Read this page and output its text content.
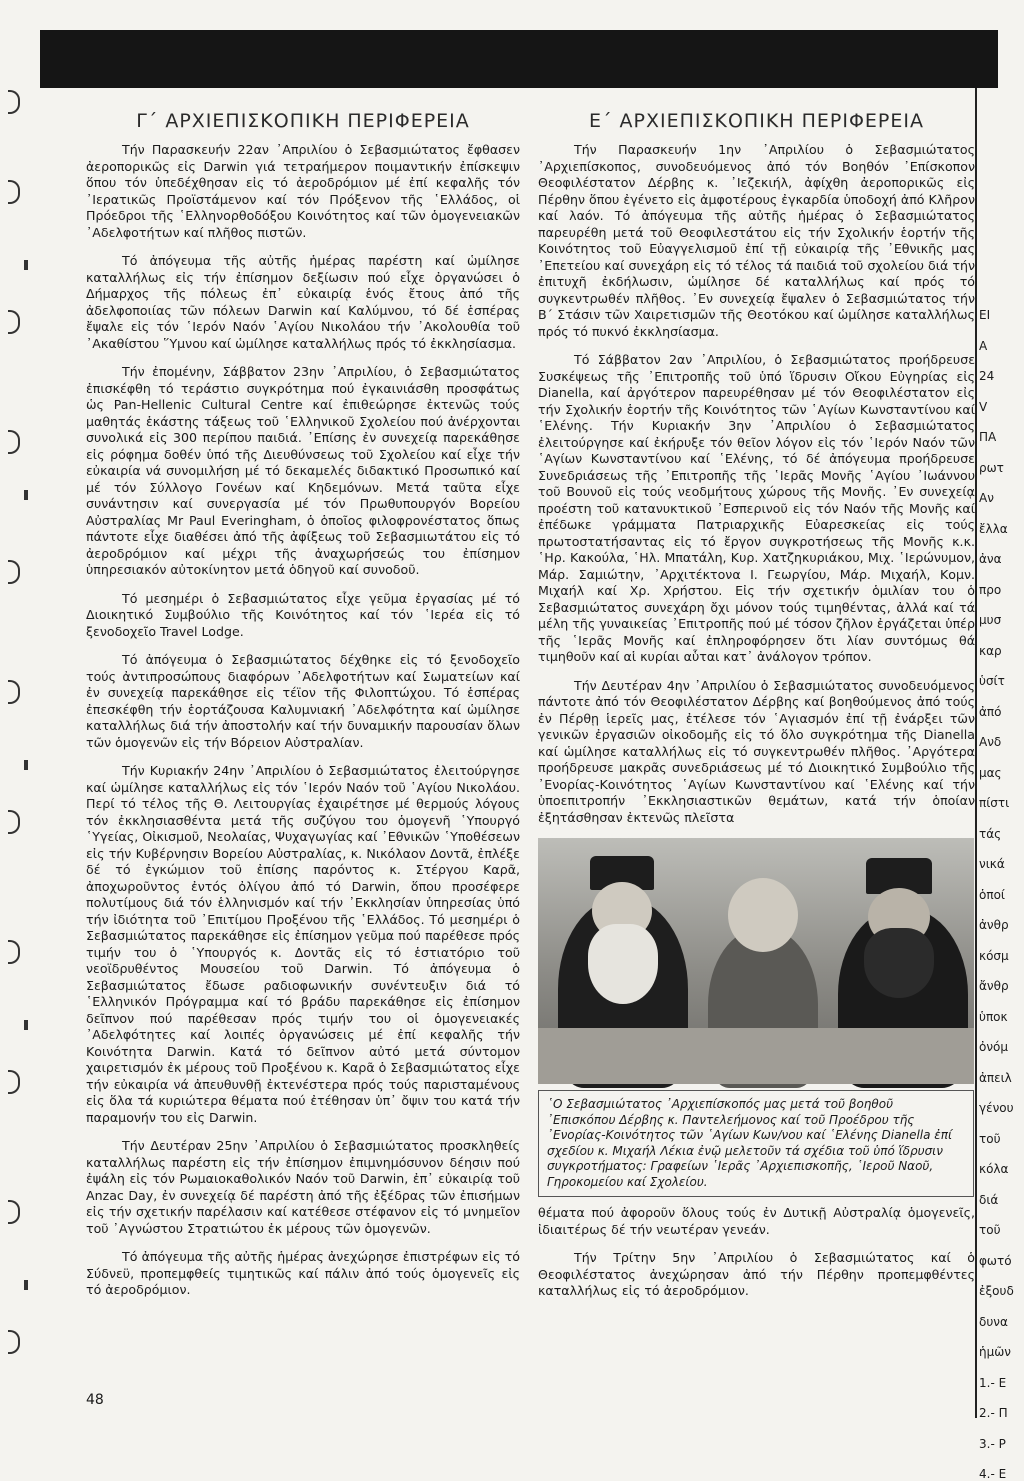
Γ΄ ΑΡΧΙΕΠΙΣΚΟΠΙΚΗ ΠΕΡΙΦΕΡΕΙΑ

Τήν Παρασκευήν 22αν ᾽Απριλίου ὁ Σεβασμιώτατος ἔφθασεν ἀεροπορικῶς εἰς Darwin γιά τετραήμερον ποιμαντικήν ἐπίσκεψιν ὅπου τόν ὑπεδέχθησαν εἰς τό ἀεροδρόμιον μέ ἐπί κεφαλῆς τόν ᾽Ιερατικῶς Προϊστάμενον καί τόν Πρόξενον τῆς ῾Ελλάδος, οἱ Πρόεδροι τῆς ῾Ελληνορθοδόξου Κοινότητος καί τῶν ὁμογενειακῶν ᾽Αδελφοτήτων καί πλῆθος πιστῶν.

Τό ἀπόγευμα τῆς αὐτῆς ἡμέρας παρέστη καί ὡμίλησε καταλλήλως εἰς τήν ἐπίσημον δεξίωσιν πού εἶχε ὀργανώσει ὁ Δήμαρχος τῆς πόλεως ἐπ᾽ εὐκαιρίᾳ ἑνός ἔτους ἀπό τῆς ἀδελφοποιίας τῶν πόλεων Darwin καί Καλύμνου, τό δέ ἑσπέρας ἔψαλε εἰς τόν ῾Ιερόν Ναόν ῾Αγίου Νικολάου τήν ᾽Ακολουθία τοῦ ᾽Ακαθίστου ῞Υμνου καί ὡμίλησε καταλλήλως πρός τό ἐκκλησίασμα.

Τήν ἐπομένην, Σάββατον 23ην ᾽Απριλίου, ὁ Σεβασμιώτατος ἐπισκέφθη τό τεράστιο συγκρότημα πού ἐγκαινιάσθη προσφάτως ὡς Pan-Hellenic Cultural Centre καί ἐπιθεώρησε ἐκτενῶς τούς μαθητάς ἑκάστης τάξεως τοῦ ῾Ελληνικοῦ Σχολείου πού ἀνέρχονται συνολικά εἰς 300 περίπου παιδιά. ᾽Επίσης ἐν συνεχείᾳ παρεκάθησε εἰς ρόφημα δοθέν ὑπό τῆς Διευθύνσεως τοῦ Σχολείου καί εἶχε τήν εὐκαιρία νά συνομιλήση μέ τό δεκαμελές διδακτικό Προσωπικό καί μέ τόν Σύλλογο Γονέων καί Κηδεμόνων. Μετά ταῦτα εἶχε συνάντησιν καί συνεργασία μέ τόν Πρωθυπουργόν Βορείου Αὐστραλίας Mr Paul Everingham, ὁ ὁποῖος φιλοφρονέστατος ὅπως πάντοτε εἶχε διαθέσει ἀπό τῆς ἀφίξεως τοῦ Σεβασμιωτάτου εἰς τό ἀεροδρόμιον καί μέχρι τῆς ἀναχωρήσεώς του ἐπίσημον ὑπηρεσιακόν αὐτοκίνητον μετά ὁδηγοῦ καί συνοδοῦ.

Τό μεσημέρι ὁ Σεβασμιώτατος εἶχε γεῦμα ἐργασίας μέ τό Διοικητικό Συμβούλιο τῆς Κοινότητος καί τόν ῾Ιερέα εἰς τό ξενοδοχεῖο Travel Lodge.

Τό ἀπόγευμα ὁ Σεβασμιώτατος δέχθηκε εἰς τό ξενοδοχεῖο τούς ἀντιπροσώπους διαφόρων ᾽Αδελφοτήτων καί Σωματείων καί ἐν συνεχείᾳ παρεκάθησε εἰς τέϊον τῆς Φιλοπτώχου. Τό ἑσπέρας ἐπεσκέφθη τήν ἑορτάζουσα Καλυμνιακή ᾽Αδελφότητα καί ὡμίλησε καταλλήλως διά τήν ἀποστολήν καί τήν δυναμικήν παρουσίαν ὅλων τῶν ὁμογενῶν εἰς τήν Βόρειον Αὐστραλίαν.

Τήν Κυριακήν 24ην ᾽Απριλίου ὁ Σεβασμιώτατος ἐλειτούργησε καί ὡμίλησε καταλλήλως εἰς τόν ῾Ιερόν Ναόν τοῦ ῾Αγίου Νικολάου. Περί τό τέλος τῆς Θ. Λειτουργίας ἐχαιρέτησε μέ θερμούς λόγους τόν ἐκκλησιασθέντα μετά τῆς συζύγου του ὁμογενῆ ῾Υπουργό ῾Υγείας, Οἰκισμοῦ, Νεολαίας, Ψυχαγωγίας καί ᾽Εθνικῶν ῾Υποθέσεων εἰς τήν Κυβέρνησιν Βορείου Αὐστραλίας, κ. Νικόλαον Δοντᾶ, ἐπλέξε δέ τό ἐγκώμιον τοῦ ἐπίσης παρόντος κ. Στέργου Καρᾶ, ἀποχωροῦντος ἐντός ὀλίγου ἀπό τό Darwin, ὅπου προσέφερε πολυτίμους διά τόν ἑλληνισμόν καί τήν ᾽Εκκλησίαν ὑπηρεσίας ὑπό τήν ἰδιότητα τοῦ ᾽Επιτίμου Προξένου τῆς ῾Ελλάδος. Τό μεσημέρι ὁ Σεβασμιώτατος παρεκάθησε εἰς ἐπίσημον γεῦμα πού παρέθεσε πρός τιμήν του ὁ ῾Υπουργός κ. Δοντᾶς εἰς τό ἑστιατόριο τοῦ νεοϊδρυθέντος Μουσείου τοῦ Darwin. Τό ἀπόγευμα ὁ Σεβασμιώτατος ἔδωσε ραδιοφωνικήν συνέντευξιν διά τό ῾Ελληνικόν Πρόγραμμα καί τό βράδυ παρεκάθησε εἰς ἐπίσημον δεῖπνον πού παρέθεσαν πρός τιμήν του οἱ ὁμογενειακές ᾽Αδελφότητες καί λοιπές ὀργανώσεις μέ ἐπί κεφαλῆς τήν Κοινότητα Darwin. Κατά τό δεῖπνον αὐτό μετά σύντομον χαιρετισμόν ἐκ μέρους τοῦ Προξένου κ. Καρᾶ ὁ Σεβασμιώτατος εἶχε τήν εὐκαιρία νά ἀπευθυνθῇ ἐκτενέστερα πρός τούς παρισταμένους εἰς ὅλα τά κυριώτερα θέματα πού ἐτέθησαν ὑπ᾽ ὄψιν του κατά τήν παραμονήν του εἰς Darwin.

Τήν Δευτέραν 25ην ᾽Απριλίου ὁ Σεβασμιώτατος προσκληθείς καταλλήλως παρέστη εἰς τήν ἐπίσημον ἐπιμνημόσυνον δέησιν πού ἐψάλη εἰς τόν Ρωμαιοκαθολικόν Ναόν τοῦ Darwin, ἐπ᾽ εὐκαιρίᾳ τοῦ Anzac Day, ἐν συνεχείᾳ δέ παρέστη ἀπό τῆς ἐξέδρας τῶν ἐπισήμων εἰς τήν σχετικήν παρέλασιν καί κατέθεσε στέφανον εἰς τό μνημεῖον τοῦ ᾽Αγνώστου Στρατιώτου ἐκ μέρους τῶν ὁμογενῶν.

Τό ἀπόγευμα τῆς αὐτῆς ἡμέρας ἀνεχώρησε ἐπιστρέφων εἰς τό Σύδνεϋ, προπεμφθείς τιμητικῶς καί πάλιν ἀπό τούς ὁμογενεῖς εἰς τό ἀεροδρόμιον.

Ε΄ ΑΡΧΙΕΠΙΣΚΟΠΙΚΗ ΠΕΡΙΦΕΡΕΙΑ

Τήν Παρασκευήν 1ην ᾽Απριλίου ὁ Σεβασμιώτατος ᾽Αρχιεπίσκοπος, συνοδευόμενος ἀπό τόν Βοηθόν ᾽Επίσκοπον Θεοφιλέστατον Δέρβης κ. ᾽Ιεζεκιήλ, ἀφίχθη ἀεροπορικῶς εἰς Πέρθην ὅπου ἐγένετο εἰς ἀμφοτέρους ἐγκαρδία ὑποδοχή ἀπό Κλῆρον καί λαόν. Τό ἀπόγευμα τῆς αὐτῆς ἡμέρας ὁ Σεβασμιώτατος παρευρέθη μετά τοῦ Θεοφιλεστάτου εἰς τήν Σχολικήν ἑορτήν τῆς Κοινότητος τοῦ Εὐαγγελισμοῦ ἐπί τῇ εὐκαιρίᾳ τῆς ᾽Εθνικῆς μας ᾽Επετείου καί συνεχάρη εἰς τό τέλος τά παιδιά τοῦ σχολείου διά τήν ἐπιτυχῆ ἐκδήλωσιν, ὡμίλησε δέ καταλλήλως καί πρός τό συγκεντρωθέν πλῆθος. ᾽Εν συνεχείᾳ ἔψαλεν ὁ Σεβασμιώτατος τήν Β΄ Στάσιν τῶν Χαιρετισμῶν τῆς Θεοτόκου καί ὡμίλησε καταλλήλως πρός τό πυκνό ἐκκλησίασμα.

Τό Σάββατον 2αν ᾽Απριλίου, ὁ Σεβασμιώτατος προήδρευσε Συσκέψεως τῆς ᾽Επιτροπῆς τοῦ ὑπό ἵδρυσιν Οἴκου Εὐγηρίας εἰς Dianella, καί ἀργότερον παρευρέθησαν μέ τόν Θεοφιλέστατον εἰς τήν Σχολικήν ἑορτήν τῆς Κοινότητος τῶν ῾Αγίων Κωνσταντίνου καί ῾Ελένης. Τήν Κυριακήν 3ην ᾽Απριλίου ὁ Σεβασμιώτατος ἐλειτούργησε καί ἐκήρυξε τόν θεῖον λόγον εἰς τόν ῾Ιερόν Ναόν τῶν ῾Αγίων Κωνσταντίνου καί ῾Ελένης, τό δέ ἀπόγευμα προήδρευσε Συνεδριάσεως τῆς ᾽Επιτροπῆς τῆς ῾Ιερᾶς Μονῆς ῾Αγίου ᾽Ιωάννου τοῦ Βουνοῦ εἰς τούς νεοδμήτους χώρους τῆς Μονῆς. ᾽Εν συνεχείᾳ προέστη τοῦ κατανυκτικοῦ ᾽Εσπερινοῦ εἰς τόν Ναόν τῆς Μονῆς καί ἐπέδωκε γράμματα Πατριαρχικῆς Εὐαρεσκείας εἰς τούς πρωτοστατήσαντας εἰς τό ἔργον συγκροτήσεως τῆς Μονῆς κ.κ. ῾Ηρ. Κακούλα, ῾Ηλ. Μπατάλη, Κυρ. Χατζηκυριάκου, Μιχ. ῾Ιερώνυμον, Μάρ. Σαμιώτην, ᾽Αρχιτέκτονα Ι. Γεωργίου, Μάρ. Μιχαήλ, Κομν. Μιχαήλ καί Χρ. Χρήστου. Εἰς τήν σχετικήν ὁμιλίαν του ὁ Σεβασμιώτατος συνεχάρη ὄχι μόνον τούς τιμηθέντας, ἀλλά καί τά μέλη τῆς γυναικείας ᾽Επιτροπῆς πού μέ τόσον ζῆλον ἐργάζεται ὑπέρ τῆς ῾Ιερᾶς Μονῆς καί ἐπληροφόρησεν ὅτι λίαν συντόμως θά τιμηθοῦν καί αἱ κυρίαι αὗται κατ᾽ ἀνάλογον τρόπον.

Τήν Δευτέραν 4ην ᾽Απριλίου ὁ Σεβασμιώτατος συνοδευόμενος πάντοτε ἀπό τόν Θεοφιλέστατον Δέρβης καί βοηθούμενος ἀπό τούς ἐν Πέρθῃ ἱερεῖς μας, ἐτέλεσε τόν ῾Αγιασμόν ἐπί τῇ ἐνάρξει τῶν γενικῶν ἐργασιῶν οἰκοδομῆς εἰς τό ὅλο συγκρότημα τῆς Dianella καί ὡμίλησε καταλλήλως εἰς τό συγκεντρωθέν πλῆθος. ᾽Αργότερα προήδρευσε μακρᾶς συνεδριάσεως μέ τό Διοικητικό Συμβούλιο τῆς ᾽Ενορίας-Κοινότητος ῾Αγίων Κωνσταντίνου καί ῾Ελένης καί τήν ὑποεπιτροπήν ᾽Εκκλησιαστικῶν θεμάτων, κατά τήν ὁποίαν ἐξητάσθησαν ἐκτενῶς πλεῖστα

῾Ο Σεβασμιώτατος ᾽Αρχιεπίσκοπός μας μετά τοῦ βοηθοῦ ᾽Επισκόπου Δέρβης κ. Παντελεήμονος καί τοῦ Προέδρου τῆς ᾽Ενορίας-Κοινότητος τῶν ῾Αγίων Κων/νου καί ῾Ελένης Dianella ἐπί σχεδίου κ. Μιχαήλ Λέκια ἐνῷ μελετοῦν τά σχέδια τοῦ ὑπό ἵδρυσιν συγκροτήματος: Γραφείων ῾Ιερᾶς ᾽Αρχιεπισκοπῆς, ῾Ιεροῦ Ναοῦ, Γηροκομείου καί Σχολείου.

θέματα πού ἀφοροῦν ὅλους τούς ἐν Δυτικῇ Αὐστραλίᾳ ὁμογενεῖς, ἰδιαιτέρως δέ τήν νεωτέραν γενεάν.

Τήν Τρίτην 5ην ᾽Απριλίου ὁ Σεβασμιώτατος καί ὁ Θεοφιλέστατος ἀνεχώρησαν ἀπό τήν Πέρθην προπεμφθέντες καταλλήλως εἰς τό ἀεροδρόμιον.

48
ΕΙ
Α
24
V
ΠΑ
ρωτ
Αν
ἔλλα
ἀνα
προ
μυσ
καρ
ὑσίτ
ἀπό
Ανδ
μας
πίστι
τάς
νικά
ὁποί
ἀνθρ
κόσμ
ἄνθρ
ὑποκ
ὀνόμ
ἀπειλ
γένου
τοῦ
κόλα
διά
τοῦ
φωτό
ἐξουδ
δυνα
ἡμῶν
1.- Ε
2.- Π
3.- Ρ
4.- Ε
